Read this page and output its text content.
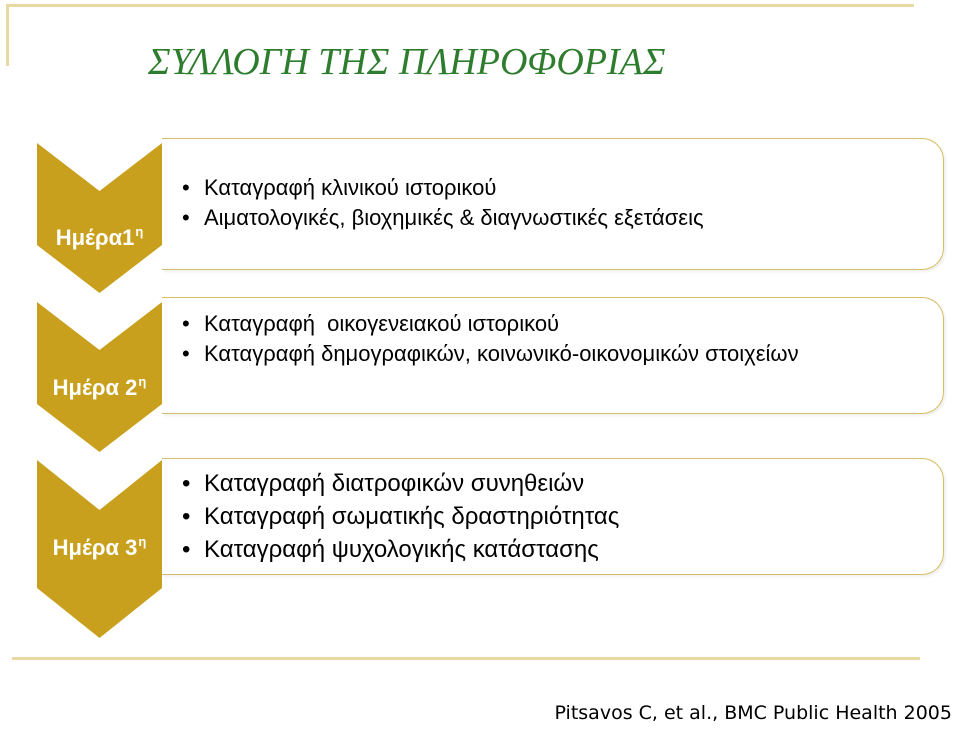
ΣΥΛΛΟΓΗ ΤΗΣ ΠΛΗΡΟΦΟΡΙΑΣ
$H\mu έ\rho\alpha 1^\eta$
• Καταγραφή κλινικού ιστορικού
• Αιματολογικές, βιοχημικές & διαγνωστικές εξετάσεις
Ημέρα $2^\eta$
• Καταγραφή  οικογενειακού ιστορικού
• Καταγραφή δημογραφικών, κοινωνικό-οικονομικών στοιχείων
Ημέρα $3^\eta$
• Καταγραφή διατροφικών συνηθειών
• Καταγραφή σωματικής δραστηριότητας
• Καταγραφή ψυχολογικής κατάστασης
Pitsavos C, et al., BMC Public Health 2005
